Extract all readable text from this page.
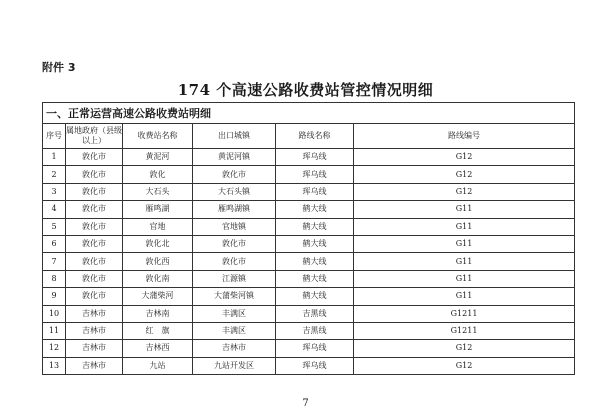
附件 3
174 个高速公路收费站管控情况明细
一、正常运营高速公路收费站明细					
序号	属地政府（县级以上）	收费站名称	出口城镇	路线名称	路线编号
1	敦化市	黄泥河	黄泥河镇	珲乌线	G12
2	敦化市	敦化	敦化市	珲乌线	G12
3	敦化市	大石头	大石头镇	珲乌线	G12
4	敦化市	雁鸣湖	雁鸣湖镇	鹤大线	G11
5	敦化市	官地	官地镇	鹤大线	G11
6	敦化市	敦化北	敦化市	鹤大线	G11
7	敦化市	敦化西	敦化市	鹤大线	G11
8	敦化市	敦化南	江源镇	鹤大线	G11
9	敦化市	大蒲柴河	大蒲柴河镇	鹤大线	G11
10	吉林市	吉林南	丰满区	吉黑线	G1211
11	吉林市	红　旗	丰满区	吉黑线	G1211
12	吉林市	吉林西	吉林市	珲乌线	G12
13	吉林市	九站	九站开发区	珲乌线	G12
7
